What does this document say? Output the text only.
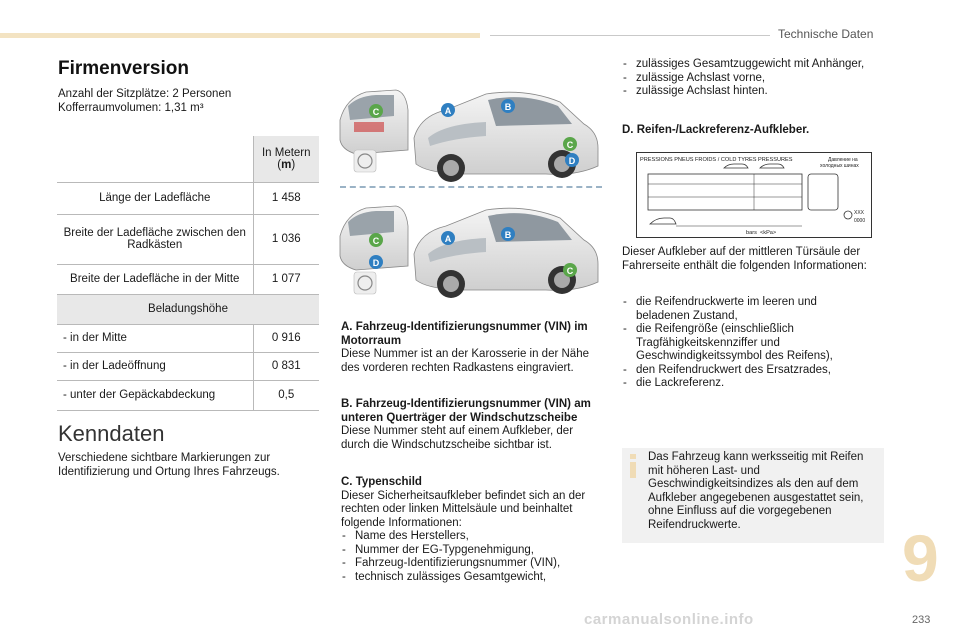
Technische Daten
Firmenversion
Anzahl der Sitzplätze: 2 Personen
Kofferraumvolumen: 1,31 m³

	In Metern
(m)

Länge der Ladefläche	1 458
Breite der Ladefläche zwischen den Radkästen	1 036
Breite der Ladefläche in der Mitte	1 077
Beladungshöhe	
- in der Mitte	0 916
- in der Ladeöffnung	0 831
- unter der Gepäckabdeckung	0,5
Kenndaten
Verschiedene sichtbare Markierungen zur Identifizierung und Ortung Ihres Fahrzeugs.
C	A	B
C
D
C
D
A	B
C
A. Fahrzeug-Identifizierungsnummer (VIN) im Motorraum
Diese Nummer ist an der Karosserie in der Nähe des vorderen rechten Radkastens eingraviert.
B. Fahrzeug-Identifizierungsnummer (VIN) am unteren Querträger der Windschutzscheibe
Diese Nummer steht auf einem Aufkleber, der durch die Windschutzscheibe sichtbar ist.
C. Typenschild
Dieser Sicherheitsaufkleber befindet sich an der rechten oder linken Mittelsäule und beinhaltet folgende Informationen:
- Name des Herstellers,
- Nummer der EG-Typgenehmigung,
- Fahrzeug-Identifizierungsnummer (VIN),
- technisch zulässiges Gesamtgewicht,
- zulässiges Gesamtzuggewicht mit Anhänger,
- zulässige Achslast vorne,
- zulässige Achslast hinten.
D. Reifen-/Lackreferenz-Aufkleber.
PRESSIONS PNEUS FROIDS / COLD TYRES PRESSURES	Давление на
холодных шинах
bars <kPa>
XXX
0000
Dieser Aufkleber auf der mittleren Türsäule der Fahrerseite enthält die folgenden Informationen:
- die Reifendruckwerte im leeren und beladenen Zustand,
- die Reifengröße (einschließlich Tragfähigkeitskennziffer und Geschwindigkeitssymbol des Reifens),
- den Reifendruckwert des Ersatzrades,
- die Lackreferenz.
Das Fahrzeug kann werksseitig mit Reifen mit höheren Last- und Geschwindigkeitsindizes als den auf dem Aufkleber angegebenen ausgestattet sein, ohne Einfluss auf die vorgegebenen Reifendruckwerte.	9
carmanualsonline.info	233
